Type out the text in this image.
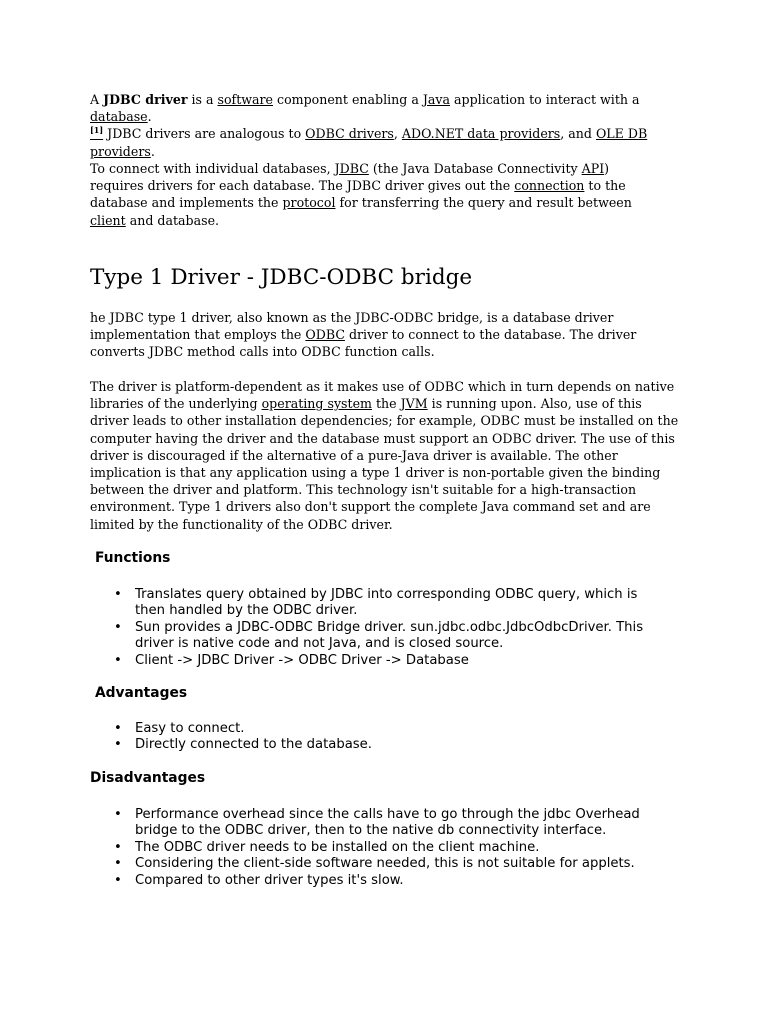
A JDBC driver is a software component enabling a Java application to interact with a database.
[1] JDBC drivers are analogous to ODBC drivers, ADO.NET data providers, and OLE DB providers.

To connect with individual databases, JDBC (the Java Database Connectivity API) requires drivers for each database. The JDBC driver gives out the connection to the database and implements the protocol for transferring the query and result between client and database.

Type 1 Driver - JDBC-ODBC bridge

he JDBC type 1 driver, also known as the JDBC-ODBC bridge, is a database driver implementation that employs the ODBC driver to connect to the database. The driver converts JDBC method calls into ODBC function calls.

The driver is platform-dependent as it makes use of ODBC which in turn depends on native libraries of the underlying operating system the JVM is running upon. Also, use of this driver leads to other installation dependencies; for example, ODBC must be installed on the computer having the driver and the database must support an ODBC driver. The use of this driver is discouraged if the alternative of a pure-Java driver is available. The other implication is that any application using a type 1 driver is non-portable given the binding between the driver and platform. This technology isn't suitable for a high-transaction environment. Type 1 drivers also don't support the complete Java command set and are limited by the functionality of the ODBC driver.

Functions
• Translates query obtained by JDBC into corresponding ODBC query, which is then handled by the ODBC driver.
• Sun provides a JDBC-ODBC Bridge driver. sun.jdbc.odbc.JdbcOdbcDriver. This driver is native code and not Java, and is closed source.
• Client -> JDBC Driver -> ODBC Driver -> Database
Advantages
• Easy to connect.
• Directly connected to the database.
Disadvantages
• Performance overhead since the calls have to go through the jdbc Overhead bridge to the ODBC driver, then to the native db connectivity interface.
• The ODBC driver needs to be installed on the client machine.
• Considering the client-side software needed, this is not suitable for applets.
• Compared to other driver types it's slow.
